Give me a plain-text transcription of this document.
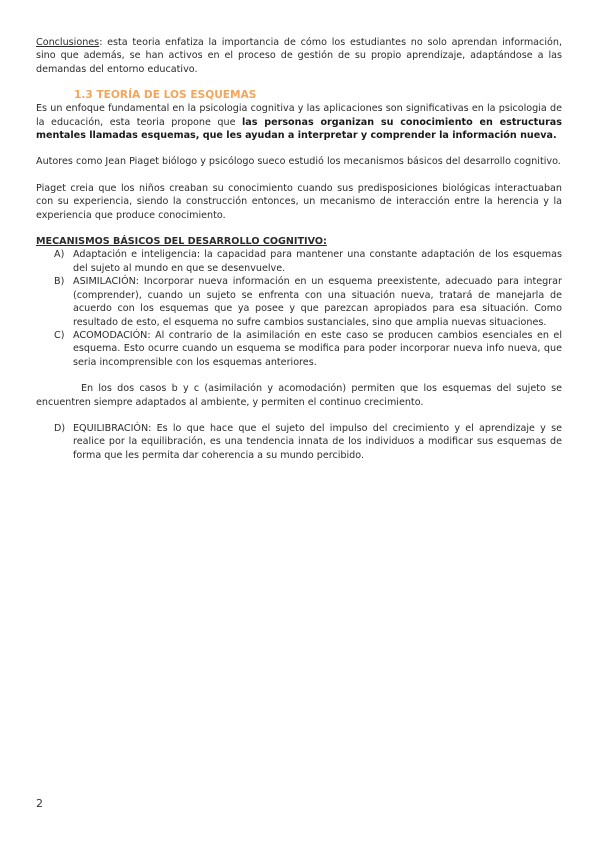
Conclusiones: esta teoria enfatiza la importancia de cómo los estudiantes no solo aprendan información, sino que además, se han activos en el proceso de gestión de su propio aprendizaje, adaptándose a las demandas del entorno educativo.

1.3 TEORÍA DE LOS ESQUEMAS

Es un enfoque fundamental en la psicologia cognitiva y las aplicaciones son significativas en la psicologia de la educación, esta teoria propone que las personas organizan su conocimiento en estructuras mentales llamadas esquemas, que les ayudan a interpretar y comprender la información nueva.

Autores como Jean Piaget biólogo y psicólogo sueco estudió los mecanismos básicos del desarrollo cognitivo.

Piaget creia que los niños creaban su conocimiento cuando sus predisposiciones biológicas interactuaban con su experiencia, siendo la construcción entonces, un mecanismo de interacción entre la herencia y la experiencia que produce conocimiento.

MECANISMOS BÁSICOS DEL DESARROLLO COGNITIVO:
A) Adaptación e inteligencia: la capacidad para mantener una constante adaptación de los esquemas del sujeto al mundo en que se desenvuelve.
B) ASIMILACIÓN: Incorporar nueva información en un esquema preexistente, adecuado para integrar (comprender), cuando un sujeto se enfrenta con una situación nueva, tratará de manejarla de acuerdo con los esquemas que ya posee y que parezcan apropiados para esa situación. Como resultado de esto, el esquema no sufre cambios sustanciales, sino que amplia nuevas situaciones.
C) ACOMODACIÓN: Al contrario de la asimilación en este caso se producen cambios esenciales en el esquema. Esto ocurre cuando un esquema se modifica para poder incorporar nueva info nueva, que seria incomprensible con los esquemas anteriores.

En los dos casos b y c (asimilación y acomodación) permiten que los esquemas del sujeto se encuentren siempre adaptados al ambiente, y permiten el continuo crecimiento.

D) EQUILIBRACIÓN: Es lo que hace que el sujeto del impulso del crecimiento y el aprendizaje y se realice por la equilibración, es una tendencia innata de los individuos a modificar sus esquemas de forma que les permita dar coherencia a su mundo percibido.
2
